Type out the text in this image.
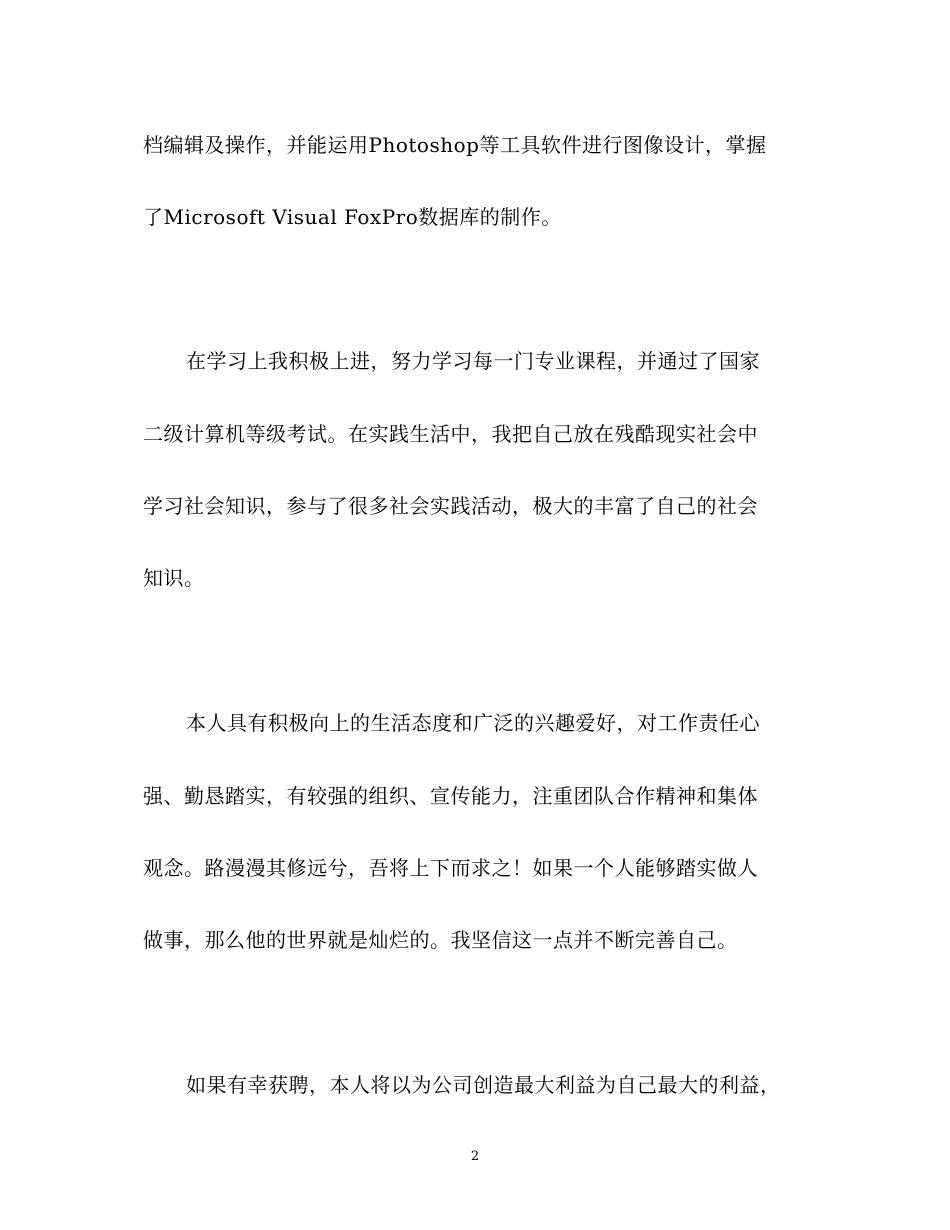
档编辑及操作，并能运用Photoshop等工具软件进行图像设计，掌握
了Microsoft Visual FoxPro数据库的制作。
在学习上我积极上进，努力学习每一门专业课程，并通过了国家
二级计算机等级考试。在实践生活中，我把自己放在残酷现实社会中
学习社会知识，参与了很多社会实践活动，极大的丰富了自己的社会
知识。
本人具有积极向上的生活态度和广泛的兴趣爱好，对工作责任心
强、勤恳踏实，有较强的组织、宣传能力，注重团队合作精神和集体
观念。路漫漫其修远兮，吾将上下而求之！如果一个人能够踏实做人
做事，那么他的世界就是灿烂的。我坚信这一点并不断完善自己。
如果有幸获聘，本人将以为公司创造最大利益为自己最大的利益，
2
